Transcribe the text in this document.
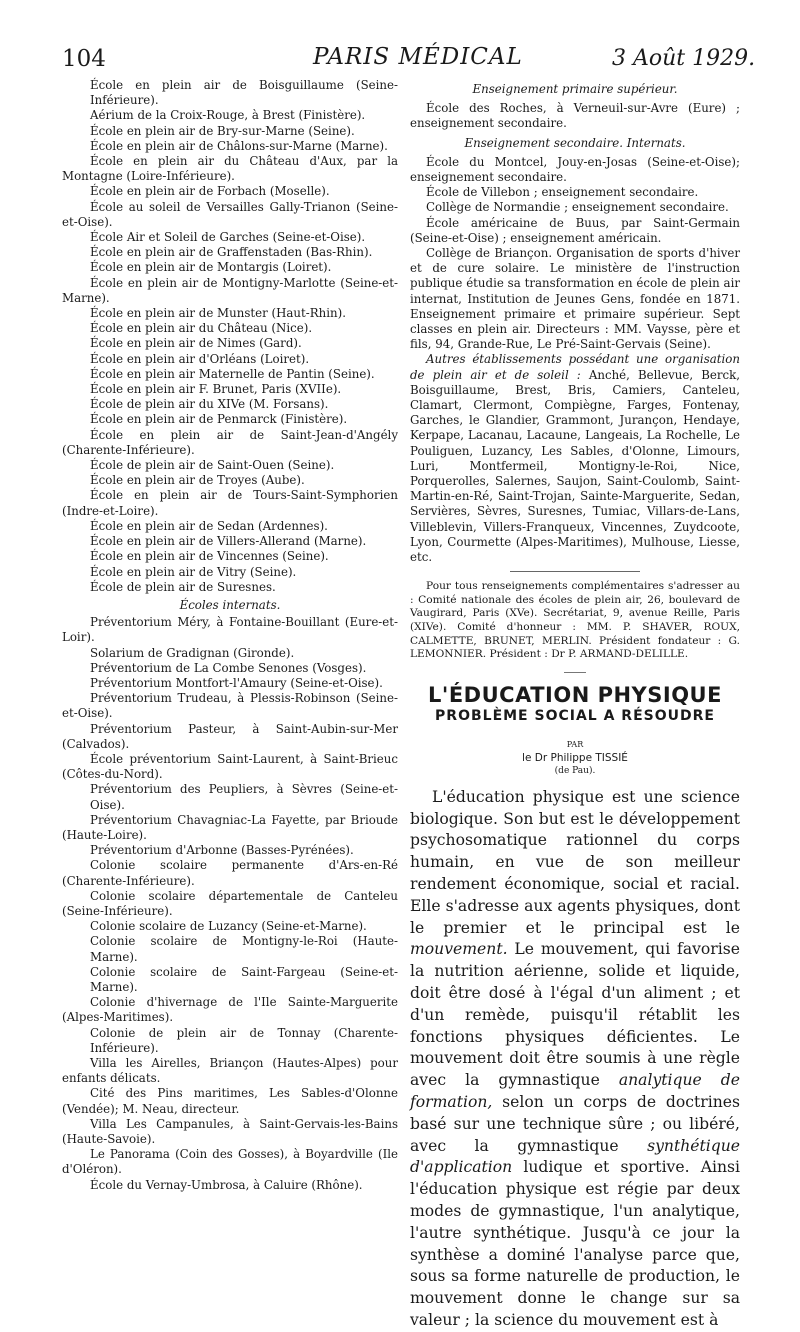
104	PARIS MÉDICAL	3 Août 1929.

École en plein air de Boisguillaume (Seine-Inférieure).

Aérium de la Croix-Rouge, à Brest (Finistère).

École en plein air de Bry-sur-Marne (Seine).

École en plein air de Châlons-sur-Marne (Marne).

École en plein air du Château d'Aux, par la Montagne (Loire-Inférieure).

École en plein air de Forbach (Moselle).

École au soleil de Versailles Gally-Trianon (Seine-et-Oise).

École Air et Soleil de Garches (Seine-et-Oise).

École en plein air de Graffenstaden (Bas-Rhin).

École en plein air de Montargis (Loiret).

École en plein air de Montigny-Marlotte (Seine-et-Marne).

École en plein air de Munster (Haut-Rhin).

École en plein air du Château (Nice).

École en plein air de Nimes (Gard).

École en plein air d'Orléans (Loiret).

École en plein air Maternelle de Pantin (Seine).

École en plein air F. Brunet, Paris (XVIIe).

École de plein air du XIVe (M. Forsans).

École en plein air de Penmarck (Finistère).

École en plein air de Saint-Jean-d'Angély (Charente-Inférieure).

École de plein air de Saint-Ouen (Seine).

École en plein air de Troyes (Aube).

École en plein air de Tours-Saint-Symphorien (Indre-et-Loire).

École en plein air de Sedan (Ardennes).

École en plein air de Villers-Allerand (Marne).

École en plein air de Vincennes (Seine).

École en plein air de Vitry (Seine).

École de plein air de Suresnes.

Écoles internats.

Préventorium Méry, à Fontaine-Bouillant (Eure-et-Loir).

Solarium de Gradignan (Gironde).

Préventorium de La Combe Senones (Vosges).

Préventorium Montfort-l'Amaury (Seine-et-Oise).

Préventorium Trudeau, à Plessis-Robinson (Seine-et-Oise).

Préventorium Pasteur, à Saint-Aubin-sur-Mer (Calvados).

École préventorium Saint-Laurent, à Saint-Brieuc (Côtes-du-Nord).

Préventorium des Peupliers, à Sèvres (Seine-et-Oise).

Préventorium Chavagniac-La Fayette, par Brioude (Haute-Loire).

Préventorium d'Arbonne (Basses-Pyrénées).

Colonie scolaire permanente d'Ars-en-Ré (Charente-Inférieure).

Colonie scolaire départementale de Canteleu (Seine-Inférieure).

Colonie scolaire de Luzancy (Seine-et-Marne).

Colonie scolaire de Montigny-le-Roi (Haute-Marne).

Colonie scolaire de Saint-Fargeau (Seine-et-Marne).

Colonie d'hivernage de l'Ile Sainte-Marguerite (Alpes-Maritimes).

Colonie de plein air de Tonnay (Charente-Inférieure).

Villa les Airelles, Briançon (Hautes-Alpes) pour enfants délicats.

Cité des Pins maritimes, Les Sables-d'Olonne (Vendée); M. Neau, directeur.

Villa Les Campanules, à Saint-Gervais-les-Bains (Haute-Savoie).

Le Panorama (Coin des Gosses), à Boyardville (Ile d'Oléron).

École du Vernay-Umbrosa, à Caluire (Rhône).

Enseignement primaire supérieur.

École des Roches, à Verneuil-sur-Avre (Eure) ; enseignement secondaire.

Enseignement secondaire. Internats.

École du Montcel, Jouy-en-Josas (Seine-et-Oise); enseignement secondaire.

École de Villebon ; enseignement secondaire.

Collège de Normandie ; enseignement secondaire.

École américaine de Buus, par Saint-Germain (Seine-et-Oise) ; enseignement américain.

Collège de Briançon. Organisation de sports d'hiver et de cure solaire. Le ministère de l'instruction publique étudie sa transformation en école de plein air internat, Institution de Jeunes Gens, fondée en 1871. Enseignement primaire et primaire supérieur. Sept classes en plein air. Directeurs : MM. Vaysse, père et fils, 94, Grande-Rue, Le Pré-Saint-Gervais (Seine).

Autres établissements possédant une organisation de plein air et de soleil : Anché, Bellevue, Berck, Boisguillaume, Brest, Bris, Camiers, Canteleu, Clamart, Clermont, Compiègne, Farges, Fontenay, Garches, le Glandier, Grammont, Jurançon, Hendaye, Kerpape, Lacanau, Lacaune, Langeais, La Rochelle, Le Pouliguen, Luzancy, Les Sables, d'Olonne, Limours, Luri, Montfermeil, Montigny-le-Roi, Nice, Porquerolles, Salernes, Saujon, Saint-Coulomb, Saint-Martin-en-Ré, Saint-Trojan, Sainte-Marguerite, Sedan, Servières, Sèvres, Suresnes, Tumiac, Villars-de-Lans, Villeblevin, Villers-Franqueux, Vincennes, Zuydcoote, Lyon, Courmette (Alpes-Maritimes), Mulhouse, Liesse, etc.

Pour tous renseignements complémentaires s'adresser au : Comité nationale des écoles de plein air, 26, boulevard de Vaugirard, Paris (XVe). Secrétariat, 9, avenue Reille, Paris (XIVe). Comité d'honneur : MM. P. SHAVER, ROUX, CALMETTE, BRUNET, MERLIN. Président fondateur : G. LEMONNIER. Président : Dr P. ARMAND-DELILLE.

L'ÉDUCATION PHYSIQUE

PROBLÈME SOCIAL A RÉSOUDRE

PAR

le Dr Philippe TISSIÉ

(de Pau).

L'éducation physique est une science biologique. Son but est le développement psychosomatique rationnel du corps humain, en vue de son meilleur rendement économique, social et racial. Elle s'adresse aux agents physiques, dont le premier et le principal est le mouvement. Le mouvement, qui favorise la nutrition aérienne, solide et liquide, doit être dosé à l'égal d'un aliment ; et d'un remède, puisqu'il rétablit les fonctions physiques déficientes. Le mouvement doit être soumis à une règle avec la gymnastique analytique de formation, selon un corps de doctrines basé sur une technique sûre ; ou libéré, avec la gymnastique synthétique d'application ludique et sportive. Ainsi l'éducation physique est régie par deux modes de gymnastique, l'un analytique, l'autre synthétique. Jusqu'à ce jour la synthèse a dominé l'analyse parce que, sous sa forme naturelle de production, le mouvement donne le change sur sa valeur ; la science du mouvement est à
